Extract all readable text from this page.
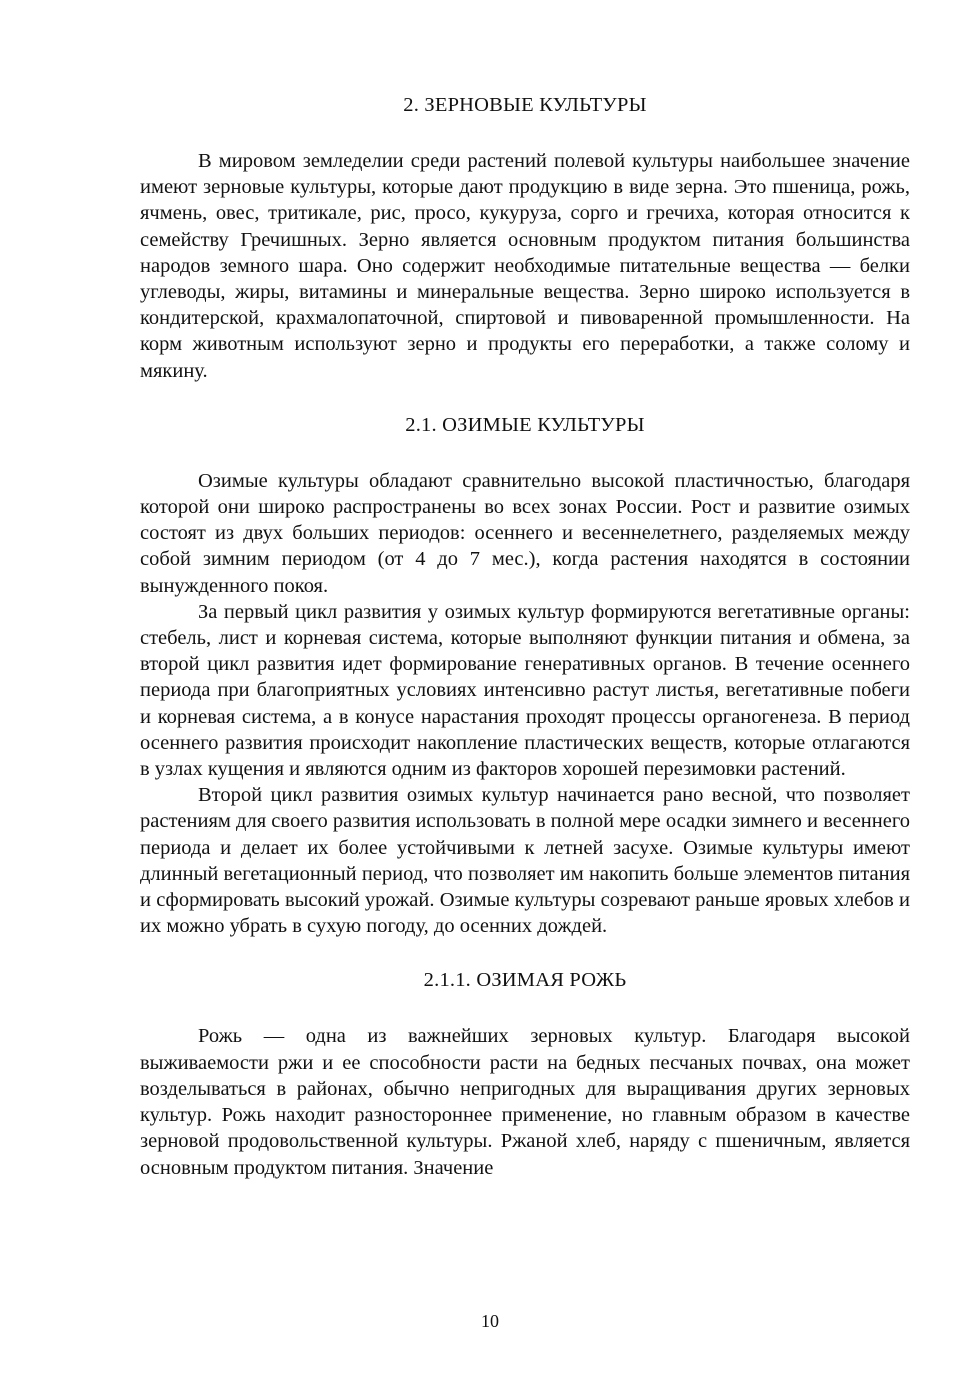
2. ЗЕРНОВЫЕ КУЛЬТУРЫ

В мировом земледелии среди растений полевой культуры наибольшее значение имеют зерновые культуры, которые дают продукцию в виде зерна. Это пшеница, рожь, ячмень, овес, тритикале, рис, просо, кукуруза, сорго и гречиха, которая относится к семейству Гречишных. Зерно является основным продуктом питания большинства народов земного шара. Оно содержит необходимые питательные вещества — белки углеводы, жиры, витамины и минеральные вещества. Зерно широко используется в кондитерской, крахмалопаточной, спиртовой и пивоваренной промышленности. На корм животным используют зерно и продукты его переработки, а также солому и мякину.

2.1. ОЗИМЫЕ КУЛЬТУРЫ

Озимые культуры обладают сравнительно высокой пластичностью, благодаря которой они широко распространены во всех зонах России. Рост и развитие озимых состоят из двух больших периодов: осеннего и весеннелетнего, разделяемых между собой зимним периодом (от 4 до 7 мес.), когда растения находятся в состоянии вынужденного покоя.

За первый цикл развития у озимых культур формируются вегетативные органы: стебель, лист и корневая система, которые выполняют функции питания и обмена, за второй цикл развития идет формирование генеративных органов. В течение осеннего периода при благоприятных условиях интенсивно растут листья, вегетативные побеги и корневая система, а в конусе нарастания проходят процессы органогенеза. В период осеннего развития происходит накопление пластических веществ, которые отлагаются в узлах кущения и являются одним из факторов хорошей перезимовки растений.

Второй цикл развития озимых культур начинается рано весной, что позволяет растениям для своего развития использовать в полной мере осадки зимнего и весеннего периода и делает их более устойчивыми к летней засухе. Озимые культуры имеют длинный вегетационный период, что позволяет им накопить больше элементов питания и сформировать высокий урожай. Озимые культуры созревают раньше яровых хлебов и их можно убрать в сухую погоду, до осенних дождей.

2.1.1. ОЗИМАЯ РОЖЬ

Рожь — одна из важнейших зерновых культур. Благодаря высокой выживаемости ржи и ее способности расти на бедных песчаных почвах, она может возделываться в районах, обычно непригодных для выращивания других зерновых культур. Рожь находит разностороннее применение, но главным образом в качестве зерновой продовольственной культуры. Ржаной хлеб, наряду с пшеничным, является основным продуктом питания. Значение

10
